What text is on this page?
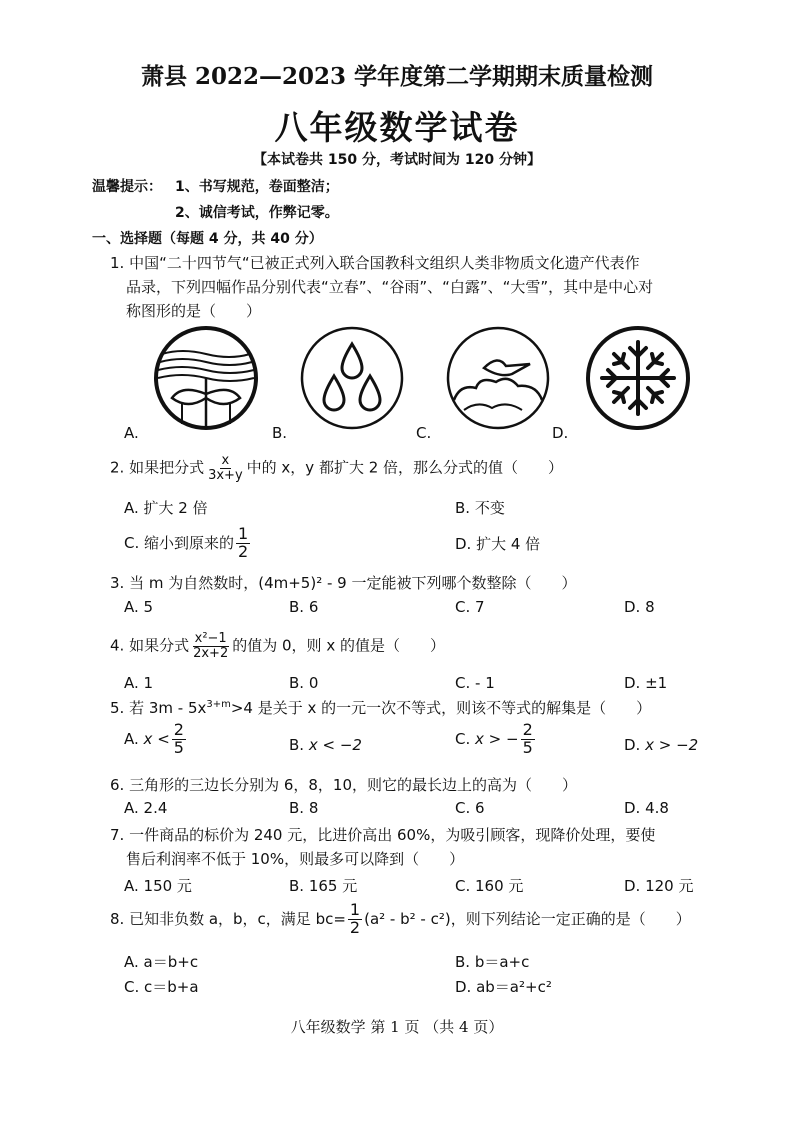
萧县 2022—2023 学年度第二学期期末质量检测
八年级数学试卷
【本试卷共 150 分，考试时间为 120 分钟】
温馨提示： 1、书写规范，卷面整洁；
2、诚信考试，作弊记零。
一、选择题（每题 4 分，共 40 分）
1. 中国“二十四节气“已被正式列入联合国教科文组织人类非物质文化遗产代表作
品录，下列四幅作品分别代表“立春”、“谷雨”、“白露”、“大雪”，其中是中心对
称图形的是（　　）
A.	B.	C.	D.
2. 如果把分式 $\frac{x}{3x+y}$ 中的 x，y 都扩大 2 倍，那么分式的值（　　）
A. 扩大 2 倍	B. 不变
C. 缩小到原来的 $\frac{1}{2}$	D. 扩大 4 倍
3. 当 m 为自然数时，(4m+5)² - 9 一定能被下列哪个数整除（　　）
A. 5	B. 6	C. 7	D. 8
4. 如果分式 $\frac{\text{x²−1}}{2x+2}$ 的值为 0，则 x 的值是（　　）
A. 1	B. 0	C. - 1	D. ±1
5. 若 $3m - 5x^{3+m}>4$ 是关于 x 的一元一次不等式，则该不等式的解集是（　　）
A. $x < \frac{2}{5}$	B. x < −2	C. x > − $\frac{2}{5}$	D. x > −2
6. 三角形的三边长分别为 6，8，10，则它的最长边上的高为（　　）
A. 2.4	B. 8	C. 6	D. 4.8
7. 一件商品的标价为 240 元，比进价高出 60%，为吸引顾客，现降价处理，要使
售后利润率不低于 10%，则最多可以降到（　　）
A. 150 元	B. 165 元	C. 160 元	D. 120 元
8. 已知非负数 a，b，c，满足 $bc= \frac{1}{2} (a^2 - b^2 - c^2)$，则下列结论一定正确的是（　　）
A. a＝b+c	B. b＝a+c
C. c＝b+a	D. ab＝a²+c²
八年级数学 第 1 页 （共 4 页）
